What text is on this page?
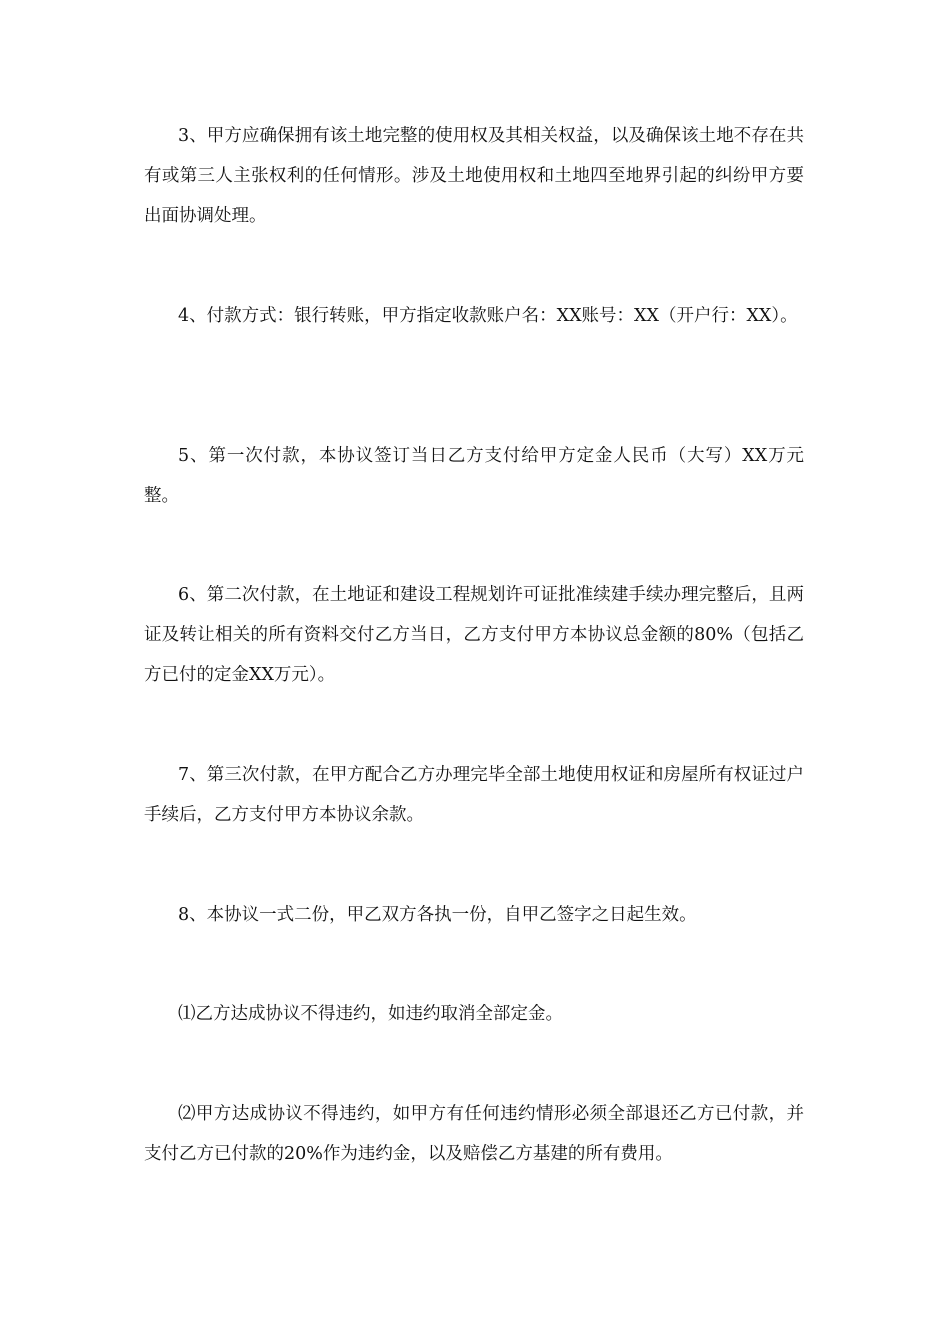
3、甲方应确保拥有该土地完整的使用权及其相关权益，以及确保该土地不存在共有或第三人主张权利的任何情形。涉及土地使用权和土地四至地界引起的纠纷甲方要出面协调处理。

4、付款方式：银行转账，甲方指定收款账户名：XX账号：XX（开户行：XX）。

5、第一次付款，本协议签订当日乙方支付给甲方定金人民币（大写）XX万元整。

6、第二次付款，在土地证和建设工程规划许可证批准续建手续办理完整后，且两证及转让相关的所有资料交付乙方当日，乙方支付甲方本协议总金额的80%（包括乙方已付的定金XX万元）。

7、第三次付款，在甲方配合乙方办理完毕全部土地使用权证和房屋所有权证过户手续后，乙方支付甲方本协议余款。

8、本协议一式二份，甲乙双方各执一份，自甲乙签字之日起生效。

⑴乙方达成协议不得违约，如违约取消全部定金。

⑵甲方达成协议不得违约，如甲方有任何违约情形必须全部退还乙方已付款，并支付乙方已付款的20%作为违约金，以及赔偿乙方基建的所有费用。
